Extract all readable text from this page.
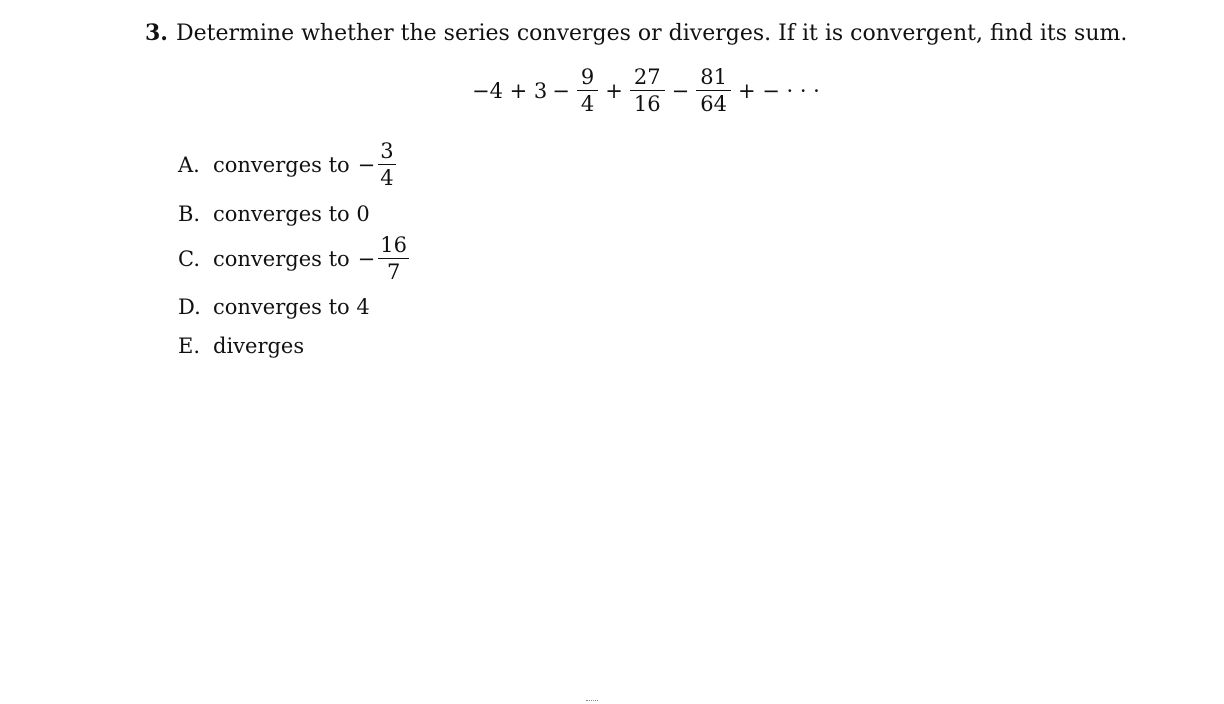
3. Determine whether the series converges or diverges. If it is convergent, find its sum.
$-4 + 3 - \frac{9}{4} + \frac{27}{16} - \frac{81}{64}$ + − · · ·
A. converges to − $\frac{3}{4}$
B. converges to 0
C. converges to − $\frac{16}{7}$
D. converges to 4
E. diverges
